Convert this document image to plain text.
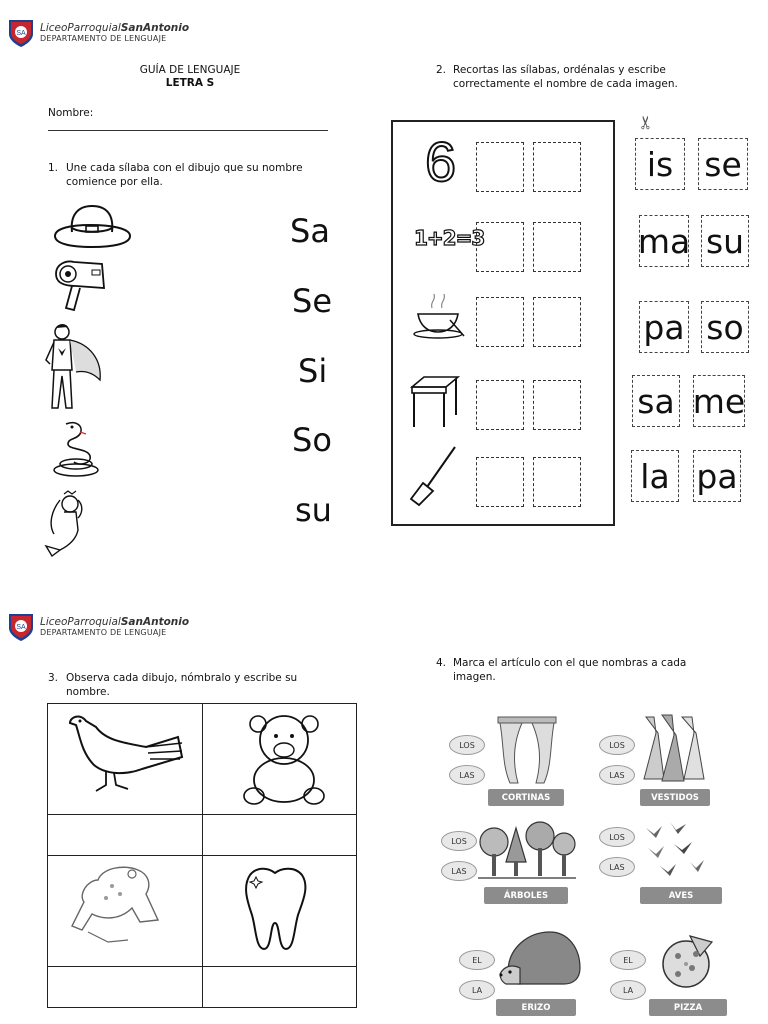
SA LiceoParroquialSanAntonio
DEPARTAMENTO DE LENGUAJE
GUÍA DE LENGUAJE
LETRA S
Nombre:
1. Une cada sílaba con el dibujo que su nombre
comience por ella.
Sa
Se
Si
So
su
2. Recortas las sílabas, ordénalas y escribe
correctamente el nombre de cada imagen.
6
1+2=3
✂
is se
ma su
pa so
sa me
la pa
SA LiceoParroquialSanAntonio
DEPARTAMENTO DE LENGUAJE
3. Observa cada dibujo, nómbralo y escribe su
nombre.

4. Marca el artículo con el que nombras a cada
imagen.
LOS
LAS
CORTINAS
LOS
LAS
VESTIDOS
LOS
LAS
ÁRBOLES
LOS
LAS
AVES
EL
LA
ERIZO
EL
LA
PIZZA
